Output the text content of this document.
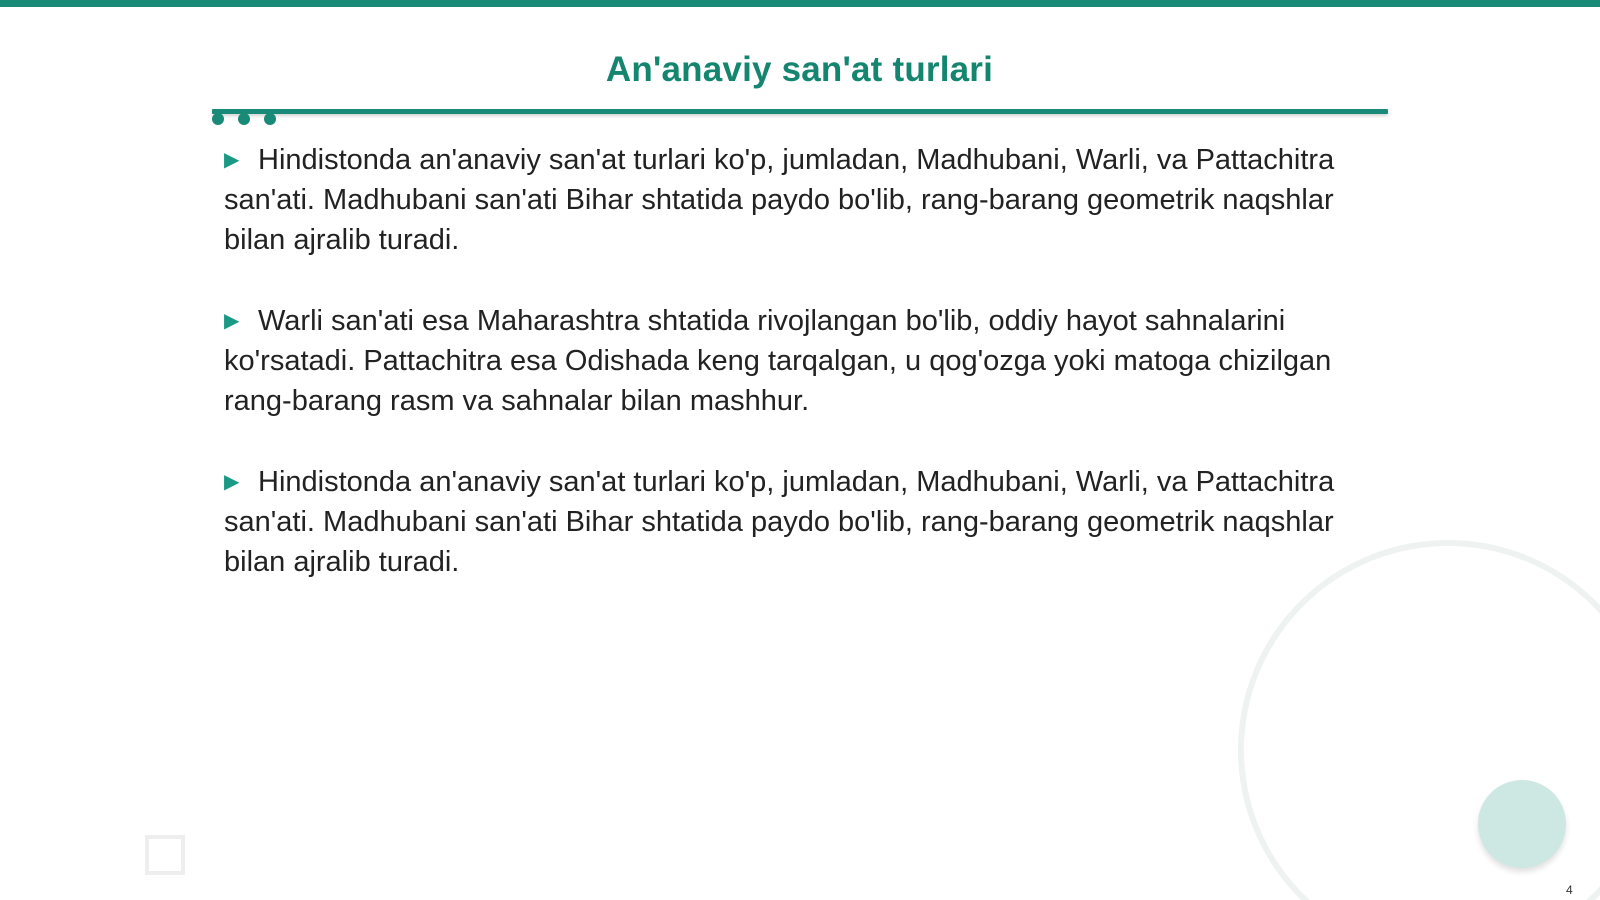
An'anaviy san'at turlari

▶ Hindistonda an'anaviy san'at turlari ko'p, jumladan, Madhubani, Warli, va Pattachitra san'ati. Madhubani san'ati Bihar shtatida paydo bo'lib, rang-barang geometrik naqshlar bilan ajralib turadi.

▶ Warli san'ati esa Maharashtra shtatida rivojlangan bo'lib, oddiy hayot sahnalarini ko'rsatadi. Pattachitra esa Odishada keng tarqalgan, u qog'ozga yoki matoga chizilgan rang-barang rasm va sahnalar bilan mashhur.

▶ Hindistonda an'anaviy san'at turlari ko'p, jumladan, Madhubani, Warli, va Pattachitra san'ati. Madhubani san'ati Bihar shtatida paydo bo'lib, rang-barang geometrik naqshlar bilan ajralib turadi.

4
